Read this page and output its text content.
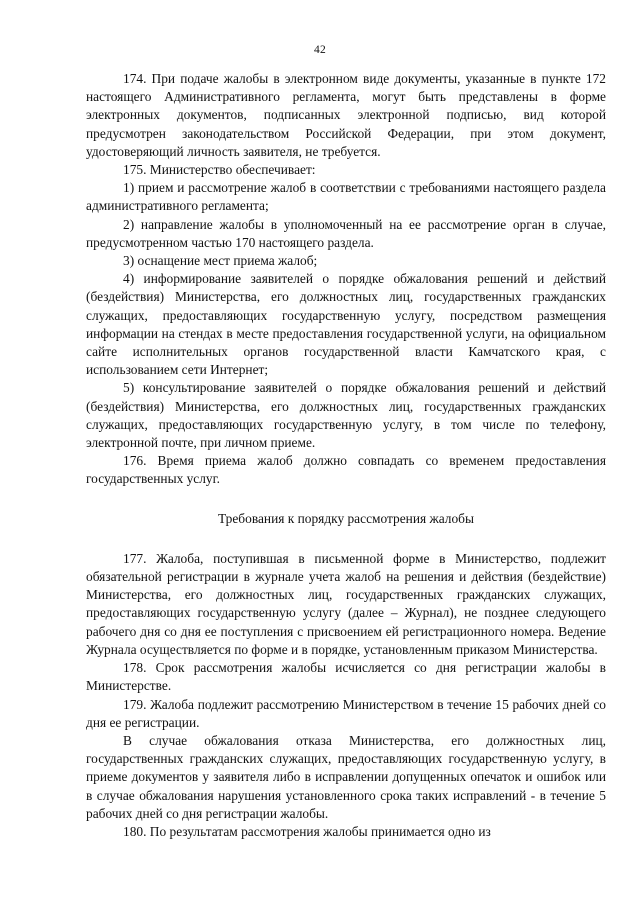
42

174. При подаче жалобы в электронном виде документы, указанные в пункте 172 настоящего Административного регламента, могут быть представлены в форме электронных документов, подписанных электронной подписью, вид которой предусмотрен законодательством Российской Федерации, при этом документ, удостоверяющий личность заявителя, не требуется.

175. Министерство обеспечивает:

1) прием и рассмотрение жалоб в соответствии с требованиями настоящего раздела административного регламента;

2) направление жалобы в уполномоченный на ее рассмотрение орган в случае, предусмотренном частью 170 настоящего раздела.

3) оснащение мест приема жалоб;

4) информирование заявителей о порядке обжалования решений и действий (бездействия) Министерства, его должностных лиц, государственных гражданских служащих, предоставляющих государственную услугу, посредством размещения информации на стендах в месте предоставления государственной услуги, на официальном сайте исполнительных органов государственной власти Камчатского края, с использованием сети Интернет;

5) консультирование заявителей о порядке обжалования решений и действий (бездействия) Министерства, его должностных лиц, государственных гражданских служащих, предоставляющих государственную услугу, в том числе по телефону, электронной почте, при личном приеме.

176. Время приема жалоб должно совпадать со временем предоставления государственных услуг.

Требования к порядку рассмотрения жалобы

177. Жалоба, поступившая в письменной форме в Министерство, подлежит обязательной регистрации в журнале учета жалоб на решения и действия (бездействие) Министерства, его должностных лиц, государственных гражданских служащих, предоставляющих государственную услугу (далее – Журнал), не позднее следующего рабочего дня со дня ее поступления с присвоением ей регистрационного номера. Ведение Журнала осуществляется по форме и в порядке, установленным приказом Министерства.

178. Срок рассмотрения жалобы исчисляется со дня регистрации жалобы в Министерстве.

179. Жалоба подлежит рассмотрению Министерством в течение 15 рабочих дней со дня ее регистрации.

В случае обжалования отказа Министерства, его должностных лиц, государственных гражданских служащих, предоставляющих государственную услугу, в приеме документов у заявителя либо в исправлении допущенных опечаток и ошибок или в случае обжалования нарушения установленного срока таких исправлений - в течение 5 рабочих дней со дня регистрации жалобы.

180. По результатам рассмотрения жалобы принимается одно из
